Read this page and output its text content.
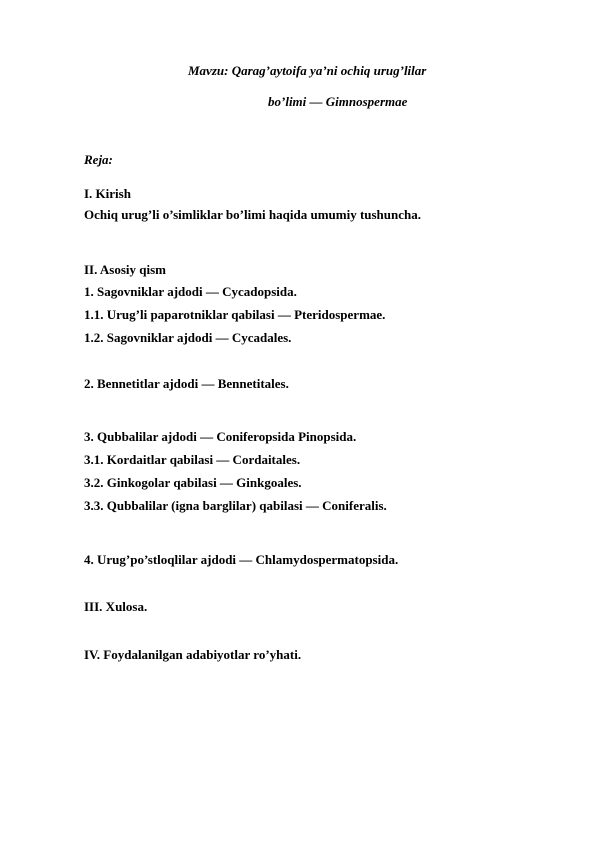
Mavzu: Qarag’aytoifa ya’ni ochiq urug’lilar
bo’limi — Gimnospermae
Reja:
I. Kirish
Ochiq urug’li o’simliklar bo’limi haqida umumiy tushuncha.
II. Asosiy qism
1. Sagovniklar ajdodi — Cycadopsida.
1.1. Urug’li paparotniklar qabilasi — Pteridospermae.
1.2. Sagovniklar ajdodi — Cycadales.
2. Bennetitlar ajdodi — Bennetitales.
3. Qubbalilar ajdodi — Coniferopsida Pinopsida.
3.1. Kordaitlar qabilasi — Cordaitales.
3.2. Ginkogolar qabilasi — Ginkgoales.
3.3. Qubbalilar (igna barglilar) qabilasi — Coniferalis.
4. Urug’po’stloqlilar ajdodi — Chlamydospermatopsida.
III. Xulosa.
IV. Foydalanilgan adabiyotlar ro’yhati.
